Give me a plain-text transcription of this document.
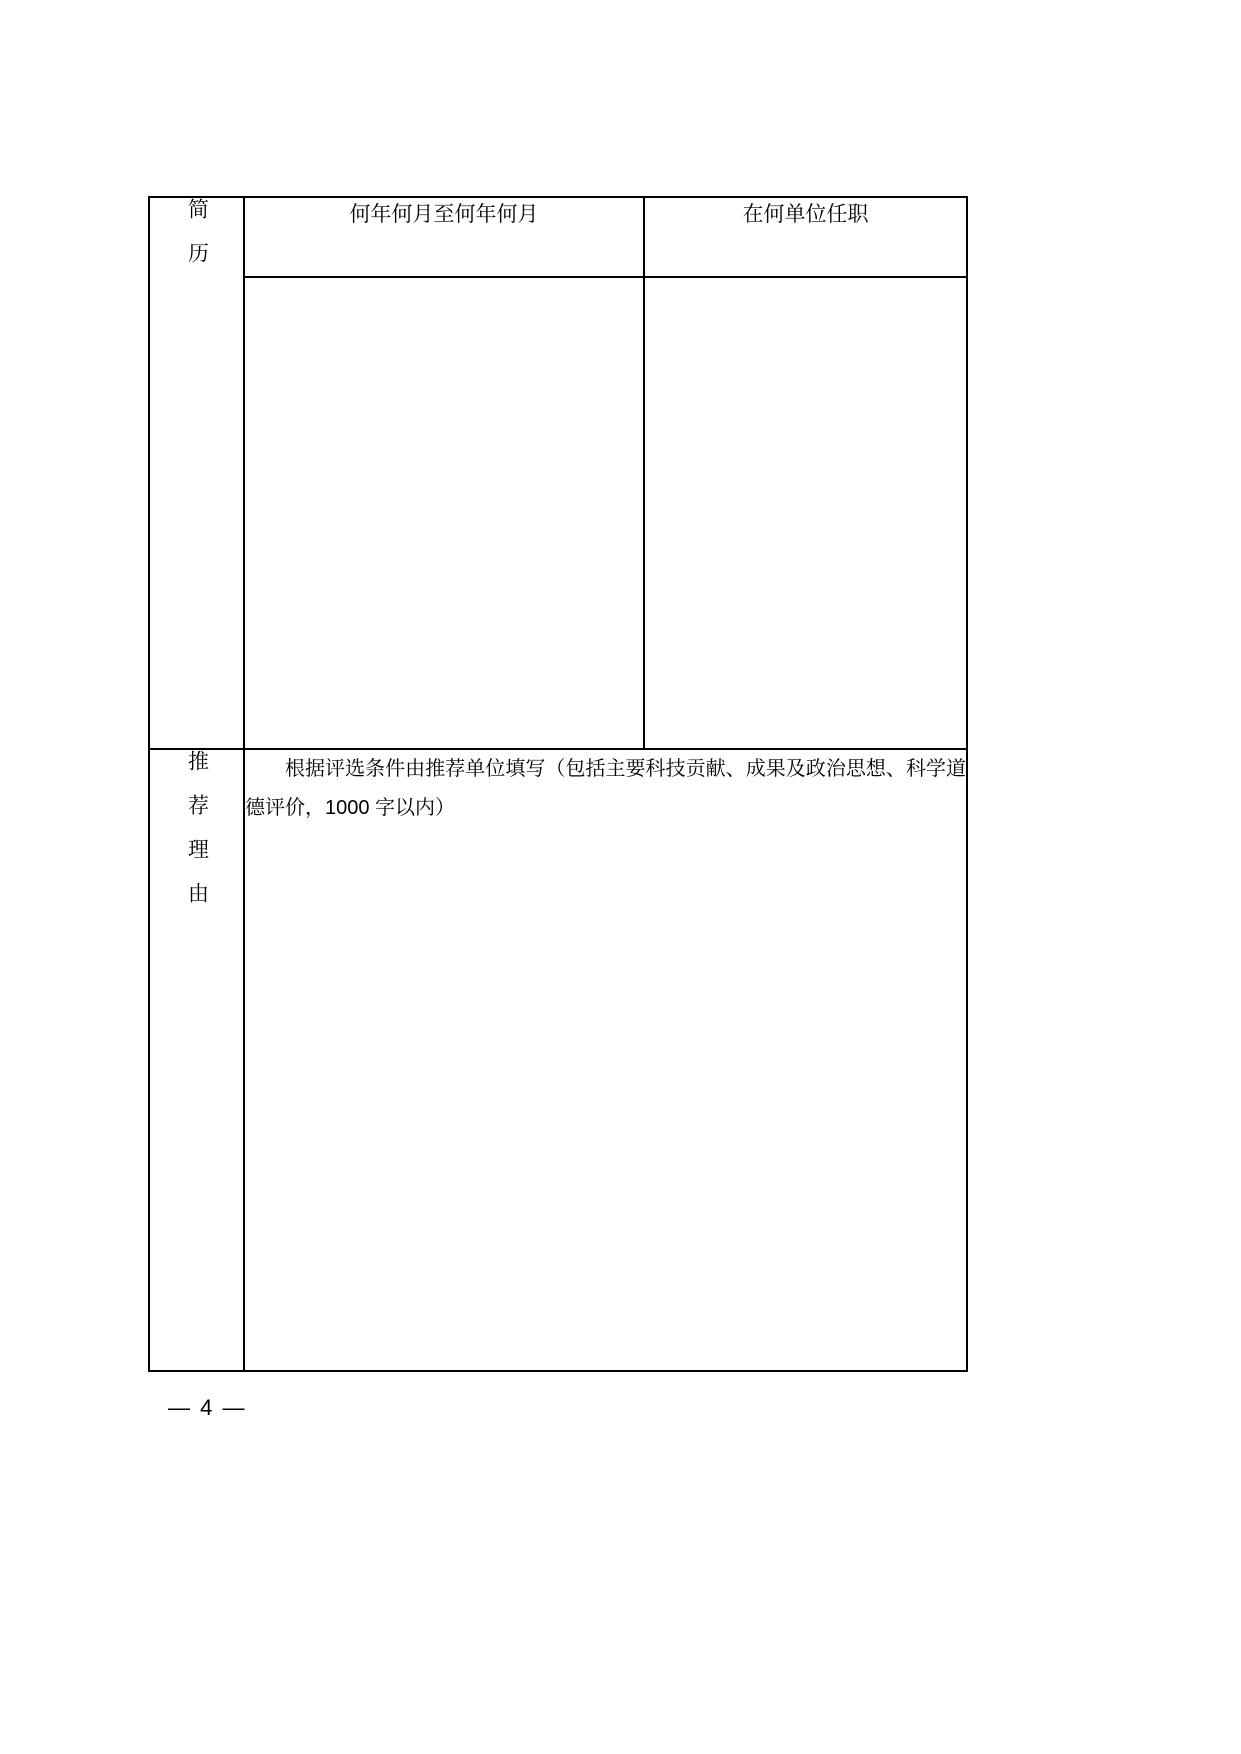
简 历	何年何月至何年何月	在何单位任职

推 荐 理 由	根据评选条件由推荐单位填写（包括主要科技贡献、成果及政治思想、科学道德评价，1000 字以内）	
— 4 —
